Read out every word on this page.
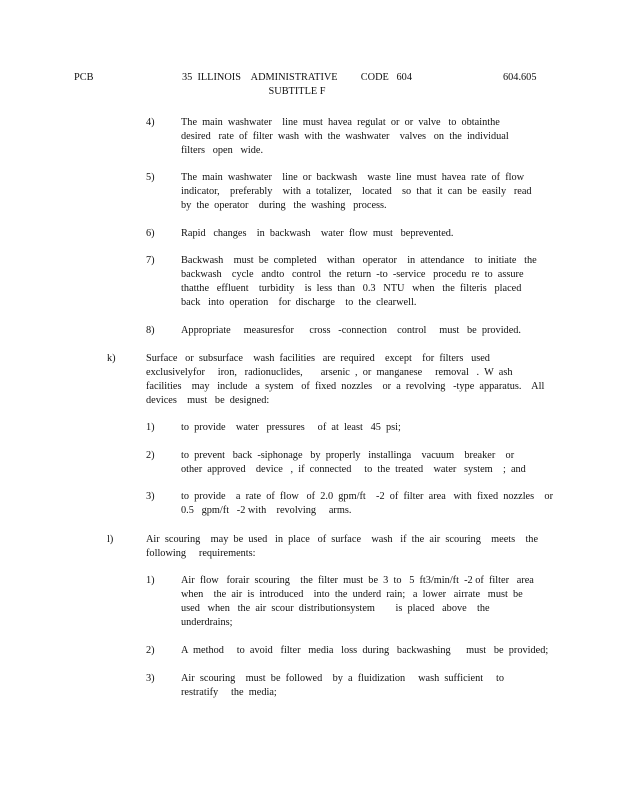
PCB	35  ILLINOIS    ADMINISTRATIVE         CODE   604
SUBTITLE F
604.605
4)	The  main  washwater    line  must  havea  regulat  or  or  valve   to  obtainthe
desired   rate  of  filter  wash  with  the  washwater    valves   on  the  individual
filters   open   wide.
5)	The  main  washwater    line  or  backwash    waste  line  must  havea  rate  of  flow
indicator,    preferably    with  a  totalizer,    located    so  that  it  can  be  easily   read
by  the  operator    during   the  washing   process.
6)	Rapid   changes    in  backwash    water  flow  must   beprevented.
7)	Backwash    must  be  completed    withan   operator    in  attendance    to  initiate   the
backwash    cycle   andto   control   the  return  -to  -service   procedu  re  to  assure
thatthe   effluent    turbidity    is  less  than   0.3   NTU   when   the  filteris   placed
back   into  operation    for  discharge    to  the  clearwell.
8)	Appropriate     measuresfor      cross   -connection    control     must   be  provided.
k)	Surface   or  subsurface    wash  facilities   are  required    except    for  filters   used
exclusivelyfor     iron,   radionuclides,       arsenic  ,  or  manganese     removal   .  W  ash
facilities    may   include   a  system   of  fixed  nozzles    or  a  revolving   -type  apparatus.    All
devices    must   be  designed:
1)	to  provide    water   pressures     of  at  least   45  psi;
2)	to  prevent   back  -siphonage   by  properly   installinga    vacuum    breaker    or
other  approved    device   ,  if  connected     to  the  treated    water   system    ;  and
3)	to  provide    a  rate  of  flow   of  2.0  gpm/ft    -2  of  filter  area   with  fixed  nozzles    or
0.5   gpm/ft   -2 with    revolving     arms.
l)	Air  scouring    may  be  used   in  place   of  surface    wash   if  the  air  scouring    meets    the
following     requirements:
1)	Air  flow   forair  scouring    the  filter  must  be  3  to   5  ft3/min/ft  -2 of  filter   area
when    the  air  is  introduced    into  the  underd  rain;   a  lower   airrate   must  be
used   when   the  air  scour  distributionsystem        is  placed   above    the
underdrains;
2)	A  method     to  avoid   filter   media   loss  during   backwashing      must   be  provided;
3)	Air  scouring    must  be  followed    by  a  fluidization     wash  sufficient     to
restratify     the  media;
